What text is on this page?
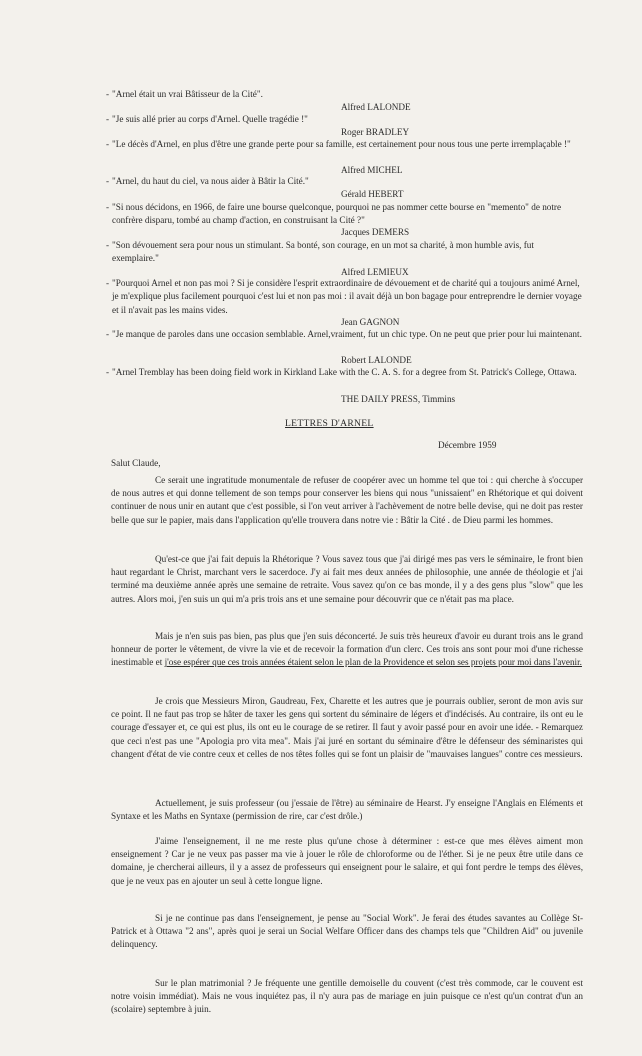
- "Arnel était un vrai Bâtisseur de la Cité".
Alfred LALONDE
- "Je suis allé prier au corps d'Arnel. Quelle tragédie !"
Roger BRADLEY
- "Le décès d'Arnel, en plus d'être une grande perte pour sa famille, est certainement pour nous tous une perte irremplaçable !"
Alfred MICHEL
- "Arnel, du haut du ciel, va nous aider à Bâtir la Cité."
Gérald HEBERT
- "Si nous décidons, en 1966, de faire une bourse quelconque, pourquoi ne pas nommer cette bourse en "memento" de notre confrère disparu, tombé au champ d'action, en construisant la Cité ?"
Jacques DEMERS
- "Son dévouement sera pour nous un stimulant. Sa bonté, son courage, en un mot sa charité, à mon humble avis, fut exemplaire."
Alfred LEMIEUX
- "Pourquoi Arnel et non pas moi ? Si je considère l'esprit extraordinaire de dévouement et de charité qui a toujours animé Arnel, je m'explique plus facilement pourquoi c'est lui et non pas moi : il avait déjà un bon bagage pour entreprendre le dernier voyage et il n'avait pas les mains vides.
Jean GAGNON
- "Je manque de paroles dans une occasion semblable. Arnel,vraiment, fut un chic type. On ne peut que prier pour lui maintenant.
Robert LALONDE
- "Arnel Tremblay has been doing field work in Kirkland Lake with the C. A. S. for a degree from St. Patrick's College, Ottawa.
THE DAILY PRESS, Timmins
LETTRES D'ARNEL
Décembre 1959
Salut Claude,
Ce serait une ingratitude monumentale de refuser de coopérer avec un homme tel que toi : qui cherche à s'occuper de nous autres et qui donne tellement de son temps pour conserver les biens qui nous "unissaient" en Rhétorique et qui doivent continuer de nous unir en autant que c'est possible, si l'on veut arriver à l'achèvement de notre belle devise, qui ne doit pas rester belle que sur le papier, mais dans l'application qu'elle trouvera dans notre vie : Bâtir la Cité . de Dieu parmi les hommes.
Qu'est-ce que j'ai fait depuis la Rhétorique ? Vous savez tous que j'ai dirigé mes pas vers le séminaire, le front bien haut regardant le Christ, marchant vers le sacerdoce. J'y ai fait mes deux années de philosophie, une année de théologie et j'ai terminé ma deuxième année après une semaine de retraite. Vous savez qu'on ce bas monde, il y a des gens plus "slow" que les autres. Alors moi, j'en suis un qui m'a pris trois ans et une semaine pour découvrir que ce n'était pas ma place.
Mais je n'en suis pas bien, pas plus que j'en suis déconcerté. Je suis très heureux d'avoir eu durant trois ans le grand honneur de porter le vêtement, de vivre la vie et de recevoir la formation d'un clerc. Ces trois ans sont pour moi d'une richesse inestimable et j'ose espérer que ces trois années étaient selon le plan de la Providence et selon ses projets pour moi dans l'avenir.
Je crois que Messieurs Miron, Gaudreau, Fex, Charette et les autres que je pourrais oublier, seront de mon avis sur ce point. Il ne faut pas trop se hâter de taxer les gens qui sortent du séminaire de légers et d'indécisés. Au contraire, ils ont eu le courage d'essayer et, ce qui est plus, ils ont eu le courage de se retirer. Il faut y avoir passé pour en avoir une idée. - Remarquez que ceci n'est pas une "Apologia pro vita mea". Mais j'ai juré en sortant du séminaire d'être le défenseur des séminaristes qui changent d'état de vie contre ceux et celles de nos têtes folles qui se font un plaisir de "mauvaises langues" contre ces messieurs.
Actuellement, je suis professeur (ou j'essaie de l'être) au séminaire de Hearst. J'y enseigne l'Anglais en Eléments et Syntaxe et les Maths en Syntaxe (permission de rire, car c'est drôle.)
J'aime l'enseignement, il ne me reste plus qu'une chose à déterminer : est-ce que mes élèves aiment mon enseignement ? Car je ne veux pas passer ma vie à jouer le rôle de chloroforme ou de l'éther. Si je ne peux être utile dans ce domaine, je chercherai ailleurs, il y a assez de professeurs qui enseignent pour le salaire, et qui font perdre le temps des élèves, que je ne veux pas en ajouter un seul à cette longue ligne.
Si je ne continue pas dans l'enseignement, je pense au "Social Work". Je ferai des études savantes au Collège St-Patrick et à Ottawa "2 ans", après quoi je serai un Social Welfare Officer dans des champs tels que "Children Aid" ou juvenile delinquency.
Sur le plan matrimonial ? Je fréquente une gentille demoiselle du couvent (c'est très commode, car le couvent est notre voisin immédiat). Mais ne vous inquiétez pas, il n'y aura pas de mariage en juin puisque ce n'est qu'un contrat d'un an (scolaire) septembre à juin.
